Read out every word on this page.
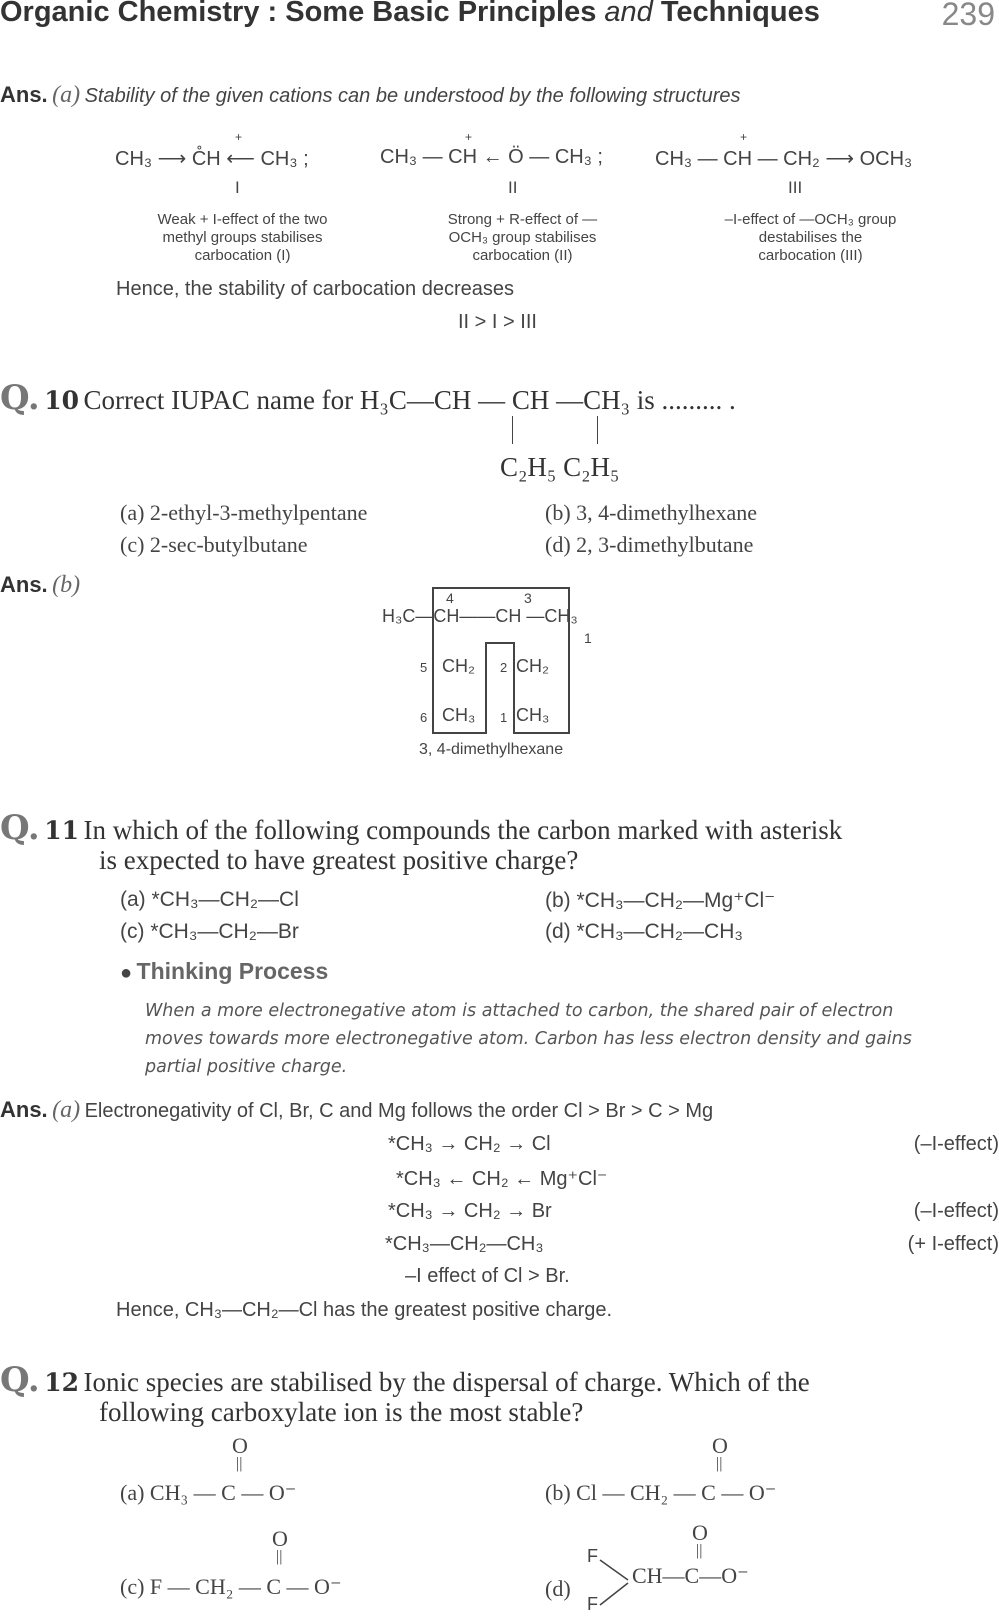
Organic Chemistry : Some Basic Principles and Techniques	239
Ans. (a) Stability of the given cations can be understood by the following structures
+	+	+
CH₃ ⟶ C̊H ⟵ CH₃ ;	CH₃ — CH ← Ö — CH₃ ;	CH₃ — CH — CH₂ ⟶ OCH₃
I	II	III
Weak + I-effect of the two methyl groups stabilises carbocation (I)
Strong + R-effect of —OCH₃ group stabilises carbocation (II)
–I-effect of —OCH₃ group destabilises the carbocation (III)
Hence, the stability of carbocation decreases
II > I > III
Q. 10 Correct IUPAC name for H₃C—CH — CH —CH₃ is ......... .
C₂H₅ C₂H₅
(a) 2-ethyl-3-methylpentane	(b) 3, 4-dimethylhexane
(c) 2-sec-butylbutane	(d) 2, 3-dimethylbutane
Ans. (b)	4	3
H₃C—CH——CH —CH₃
1
5 CH₂ 2 CH₂
6 CH₃ 1 CH₃
3, 4-dimethylhexane
Q. 11 In which of the following compounds the carbon marked with asterisk
is expected to have greatest positive charge?
(a) *CH₃—CH₂—Cl	(b) *CH₃—CH₂—Mg⁺Cl⁻
(c) *CH₃—CH₂—Br	(d) *CH₃—CH₂—CH₃
● Thinking Process
When a more electronegative atom is attached to carbon, the shared pair of electron
moves towards more electronegative atom. Carbon has less electron density and gains
partial positive charge.
Ans. (a) Electronegativity of Cl, Br, C and Mg follows the order Cl > Br > C > Mg
*CH₃ → CH₂ → Cl	(–I-effect)
*CH₃ ← CH₂ ← Mg⁺Cl⁻
*CH₃ → CH₂ → Br	(–I-effect)
*CH₃—CH₂—CH₃	(+ I-effect)
–I effect of Cl > Br.
Hence, CH₃—CH₂—Cl has the greatest positive charge.
Q. 12 Ionic species are stabilised by the dispersal of charge. Which of the
following carboxylate ion is the most stable?
O
||
(a) CH₃ — C — O⁻
O
||
(b) Cl — CH₂ — C — O⁻
O
||
(c) F — CH₂ — C — O⁻
O
||
(d)
F
F
CH—C—O⁻
